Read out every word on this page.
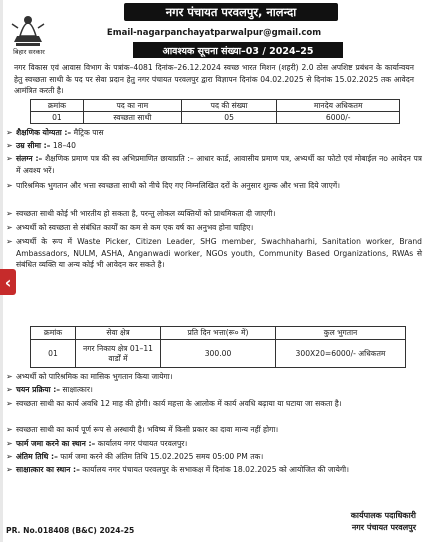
बिहार सरकार
नगर पंचायत परवलपुर, नालन्दा
Email-nagarpanchayatparwalpur@gmail.com
आवश्यक सूचना संख्या–03 / 2024–25
नगर विकास एवं आवास विभाग के पत्रांक–4081 दिनांक–26.12.2024 स्वच्छ भारत मिशन (शहरी) 2.0 ठोस अपशिष्ट प्रबंधन के कार्यान्वयन हेतु स्वच्छता साथी के पद पर सेवा प्रदान हेतु नगर पंचायत परवलपुर द्वारा विज्ञापन दिनांक 04.02.2025 से दिनांक 15.02.2025 तक आवेदन आमंत्रित करती है।
क्रमांक	पद का नाम	पद की संख्या	मानदेय अधिकतम
01	स्वच्छता साथी	05	6000/-
➢ शैक्षणिक योग्यता :– मैट्रिक पास
➢ उम्र सीमा :– 18–40
➢ संलग्न :– शैक्षणिक प्रमाण पत्र की स्व अभिप्रमाणित छायाप्रति :– आधार कार्ड, आवासीय प्रमाण पत्र, अभ्यर्थी का फोटो एवं मोबाईल नo आवेदन पत्र में अवश्य भरें।
➢ पारिश्रमिक भुगतान और भत्ता स्वच्छता साथी को नीचे दिए गए निम्नलिखित दरों के अनुसार शुल्क और भत्ता दिये जाएगें।
➢ स्वच्छता साथी कोई भी भारतीय हो सकता है, परन्तु लोकल व्यक्तियों को प्राथमिकता दी जाएगी।
➢ अभ्यर्थी को स्वच्छता से संबंधित कार्यों का कम से कम एक वर्ष का अनुभव होना चाहिए।
➢ अभ्यर्थी के रूप में Waste Picker, Citizen Leader, SHG member, Swachhaharhi, Sanitation worker, Brand Ambassadors, NULM, ASHA, Anganwadi worker, NGOs youth, Community Based Organizations, RWAs से संबंधित व्यक्ति या अन्य कोई भी आवेदन कर सकते है।
क्रमांक	सेवा क्षेत्र	प्रति दिन भत्ता(रू० में)	कुल भुगतान
01	नगर निकाय क्षेत्र 01–11 वार्डों में	300.00	300X20=6000/- अधिकतम
➢ अभ्यर्थी को पारिश्रमिक का मासिक भुगतान किया जायेगा।
➢ चयन प्रक्रिया :– साक्षात्कार।
➢ स्वच्छता साथी का कार्य अवधि 12 माह की होगी। कार्य महत्ता के आलोक में कार्य अवधि बढ़ाया या घटाया जा सकता है।
➢ स्वच्छता साथी का कार्य पूर्ण रूप से अस्थायी है। भविष्य में किसी प्रकार का दावा मान्य नहीं होगा।
➢ फार्म जमा करने का स्थान :– कार्यालय नगर पंचायत परवलपुर।
➢ अंतिम तिथि :– फार्म जमा करने की अंतिम तिथि 15.02.2025 समय 05:00 PM तक।
➢ साक्षात्कार का स्थान :– कार्यालय नगर पंचायत परवलपुर के सभाकक्ष में दिनांक 18.02.2025 को आयोजित की जायेगी।
कार्यपालक पदाधिकारी
नगर पंचायत परवलपुर
PR. No.018408 (B&C) 2024-25
‹
